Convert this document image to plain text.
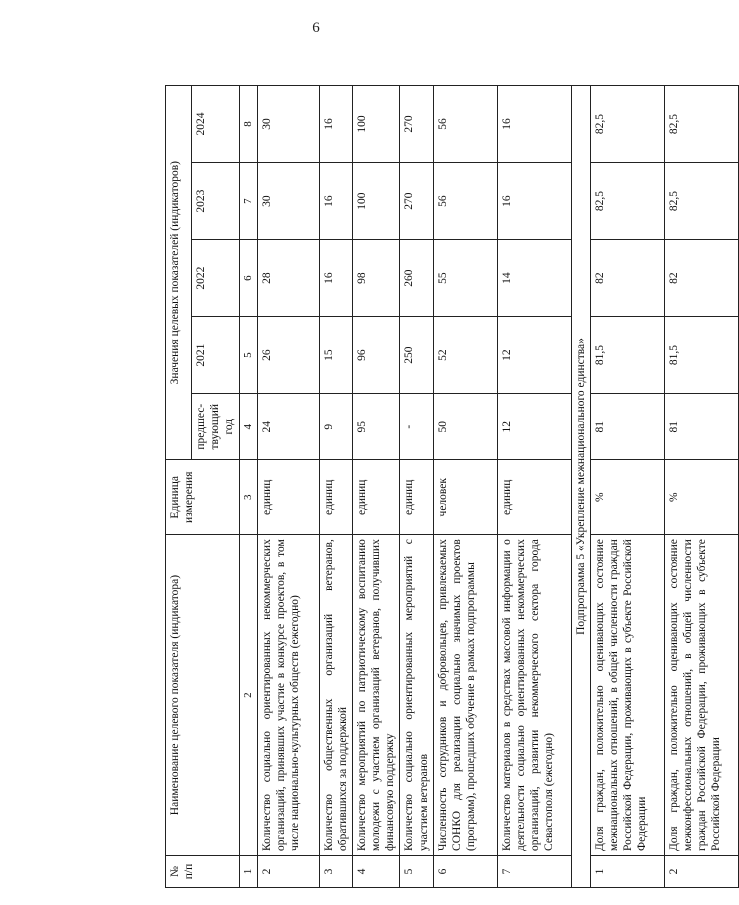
6
№ п/п	Наименование целевого показателя (индикатора)	Единица измерения	Значения целевых показателей (индикаторов)				
			предшес- твующий год	2021	2022	2023	2024
1	2	3	4	5	6	7	8
2	Количество социально ориентированных некоммерческих организаций, принявших участие в конкурсе проектов, в том числе национально-культурных обществ (ежегодно)	единиц	24	26	28	30	30
3	Количество общественных организаций ветеранов, обратившихся за поддержкой	единиц	9	15	16	16	16
4	Количество мероприятий по патриотическому воспитанию молодежи с участием организаций ветеранов, получивших финансовую поддержку	единиц	95	96	98	100	100
5	Количество социально ориентированных мероприятий с участием ветеранов	единиц	-	250	260	270	270
6	Численность сотрудников и добровольцев, привлекаемых СОНКО для реализации социально значимых проектов (программ), прошедших обучение в рамках подпрограммы	человек	50	52	55	56	56
7	Количество материалов в средствах массовой информации о деятельности социально ориентированных некоммерческих организаций, развитии некоммерческого сектора города Севастополя (ежегодно)	единиц	12	12	14	16	16
Подпрограмма 5 «Укрепление межнационального единства»							
1	Доля граждан, положительно оценивающих состояние межнациональных отношений, в общей численности граждан Российской Федерации, проживающих в субъекте Российской Федерации	%	81	81,5	82	82,5	82,5
2	Доля граждан, положительно оценивающих состояние межконфессиональных отношений, в общей численности граждан Российской Федерации, проживающих в субъекте Российской Федерации	%	81	81,5	82	82,5	82,5
